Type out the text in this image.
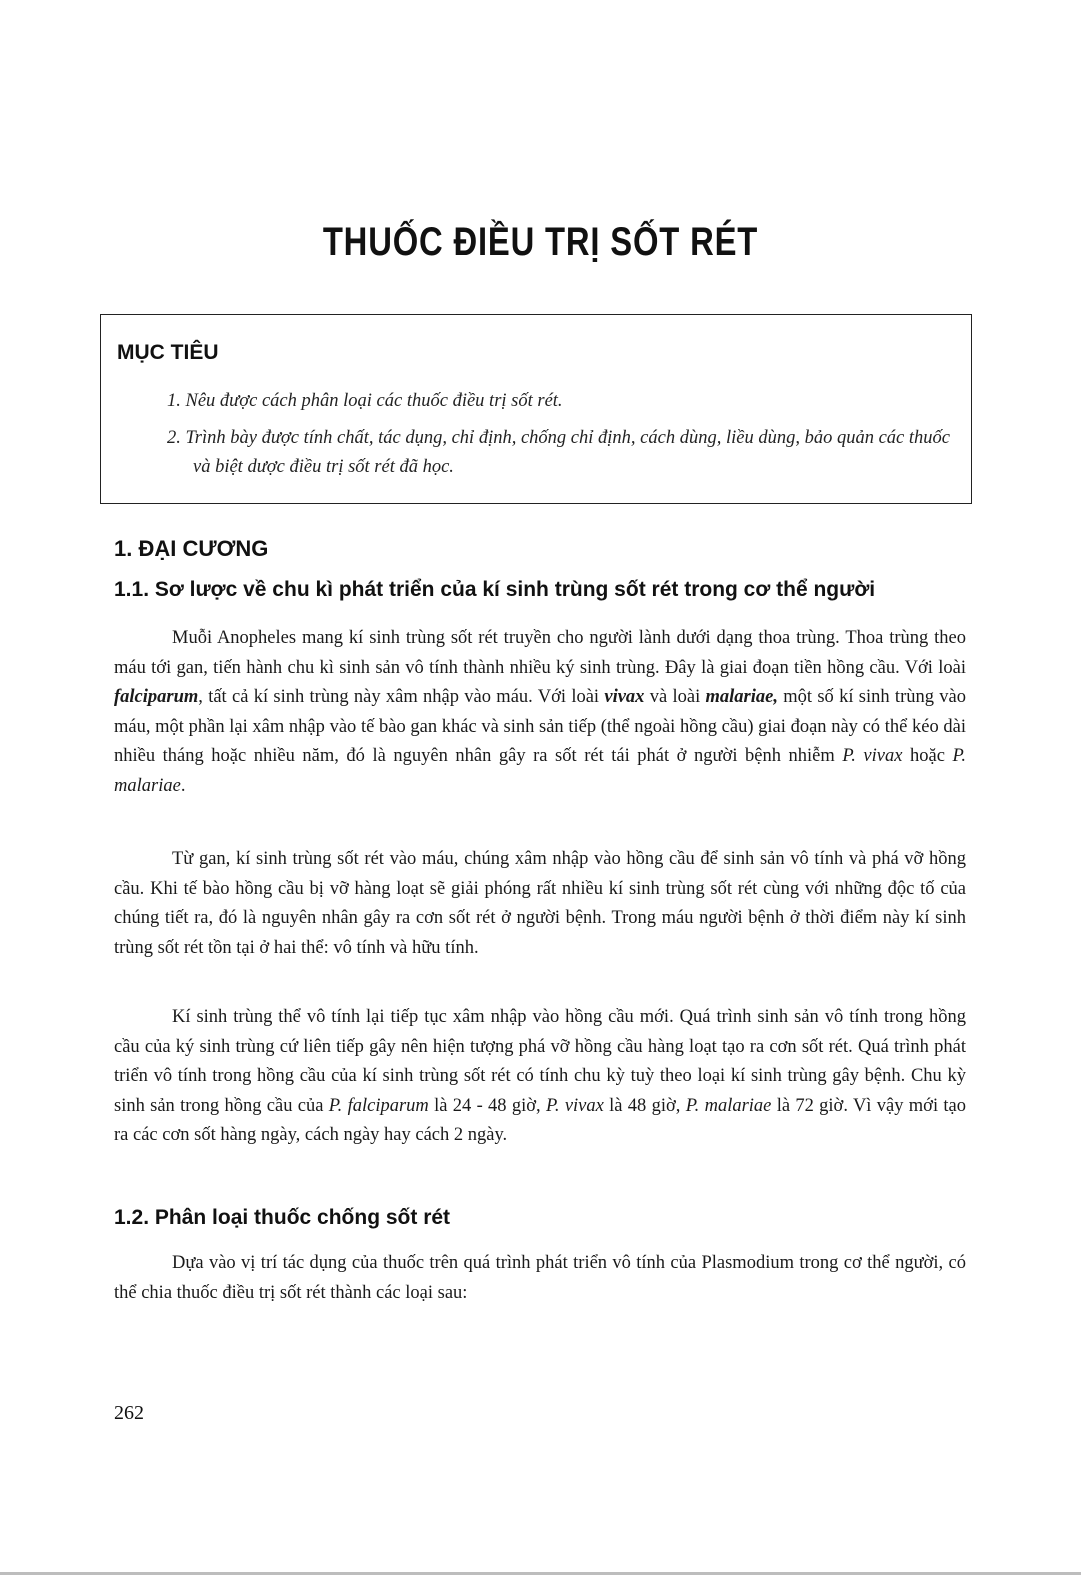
THUỐC ĐIỀU TRỊ SỐT RÉT
MỤC TIÊU

1. Nêu được cách phân loại các thuốc điều trị sốt rét.

2. Trình bày được tính chất, tác dụng, chỉ định, chống chỉ định, cách dùng, liều dùng, bảo quản các thuốc và biệt dược điều trị sốt rét đã học.

1. ĐẠI CƯƠNG
1.1. Sơ lược về chu kì phát triển của kí sinh trùng sốt rét trong cơ thể người

Muỗi Anopheles mang kí sinh trùng sốt rét truyền cho người lành dưới dạng thoa trùng. Thoa trùng theo máu tới gan, tiến hành chu kì sinh sản vô tính thành nhiều ký sinh trùng. Đây là giai đoạn tiền hồng cầu. Với loài falciparum, tất cả kí sinh trùng này xâm nhập vào máu. Với loài vivax và loài malariae, một số kí sinh trùng vào máu, một phần lại xâm nhập vào tế bào gan khác và sinh sản tiếp (thể ngoài hồng cầu) giai đoạn này có thể kéo dài nhiều tháng hoặc nhiều năm, đó là nguyên nhân gây ra sốt rét tái phát ở người bệnh nhiễm P. vivax hoặc P. malariae.

Từ gan, kí sinh trùng sốt rét vào máu, chúng xâm nhập vào hồng cầu để sinh sản vô tính và phá vỡ hồng cầu. Khi tế bào hồng cầu bị vỡ hàng loạt sẽ giải phóng rất nhiều kí sinh trùng sốt rét cùng với những độc tố của chúng tiết ra, đó là nguyên nhân gây ra cơn sốt rét ở người bệnh. Trong máu người bệnh ở thời điểm này kí sinh trùng sốt rét tồn tại ở hai thể: vô tính và hữu tính.

Kí sinh trùng thể vô tính lại tiếp tục xâm nhập vào hồng cầu mới. Quá trình sinh sản vô tính trong hồng cầu của ký sinh trùng cứ liên tiếp gây nên hiện tượng phá vỡ hồng cầu hàng loạt tạo ra cơn sốt rét. Quá trình phát triển vô tính trong hồng cầu của kí sinh trùng sốt rét có tính chu kỳ tuỳ theo loại kí sinh trùng gây bệnh. Chu kỳ sinh sản trong hồng cầu của P. falciparum là 24 - 48 giờ, P. vivax là 48 giờ, P. malariae là 72 giờ. Vì vậy mới tạo ra các cơn sốt hàng ngày, cách ngày hay cách 2 ngày.

1.2. Phân loại thuốc chống sốt rét

Dựa vào vị trí tác dụng của thuốc trên quá trình phát triển vô tính của Plasmodium trong cơ thể người, có thể chia thuốc điều trị sốt rét thành các loại sau:

262
